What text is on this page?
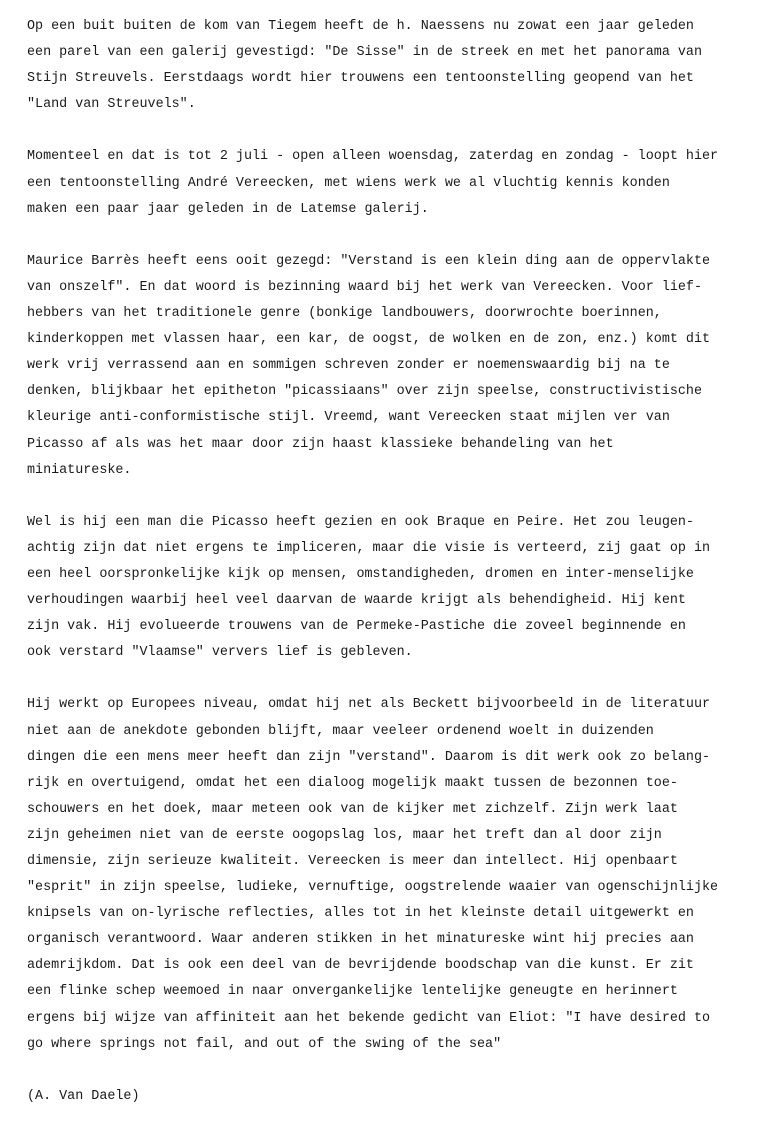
Op een buit buiten de kom van Tiegem heeft de h. Naessens nu zowat een jaar geleden
een parel van een galerij gevestigd: "De Sisse" in de streek en met het panorama van
Stijn Streuvels. Eerstdaags wordt hier trouwens een tentoonstelling geopend van het
"Land van Streuvels".
Momenteel en dat is tot 2 juli - open alleen woensdag, zaterdag en zondag - loopt hier
een tentoonstelling André Vereecken, met wiens werk we al vluchtig kennis konden
maken een paar jaar geleden in de Latemse galerij.
Maurice Barrès heeft eens ooit gezegd: "Verstand is een klein ding aan de oppervlakte
van onszelf". En dat woord is bezinning waard bij het werk van Vereecken. Voor lief-
hebbers van het traditionele genre (bonkige landbouwers, doorwrochte boerinnen,
kinderkoppen met vlassen haar, een kar, de oogst, de wolken en de zon, enz.) komt dit
werk vrij verrassend aan en sommigen schreven zonder er noemenswaardig bij na te
denken, blijkbaar het epitheton "picassiaans" over zijn speelse, constructivistische
kleurige anti-conformistische stijl. Vreemd, want Vereecken staat mijlen ver van
Picasso af als was het maar door zijn haast klassieke behandeling van het
miniatureske.
Wel is hij een man die Picasso heeft gezien en ook Braque en Peire. Het zou leugen-
achtig zijn dat niet ergens te impliceren, maar die visie is verteerd, zij gaat op in
een heel oorspronkelijke kijk op mensen, omstandigheden, dromen en inter-menselijke
verhoudingen waarbij heel veel daarvan de waarde krijgt als behendigheid. Hij kent
zijn vak. Hij evolueerde trouwens van de Permeke-Pastiche die zoveel beginnende en
ook verstard "Vlaamse" ververs lief is gebleven.
Hij werkt op Europees niveau, omdat hij net als Beckett bijvoorbeeld in de literatuur
niet aan de anekdote gebonden blijft, maar veeleer ordenend woelt in duizenden
dingen die een mens meer heeft dan zijn "verstand". Daarom is dit werk ook zo belang-
rijk en overtuigend, omdat het een dialoog mogelijk maakt tussen de bezonnen toe-
schouwers en het doek, maar meteen ook van de kijker met zichzelf. Zijn werk laat
zijn geheimen niet van de eerste oogopslag los, maar het treft dan al door zijn
dimensie, zijn serieuze kwaliteit. Vereecken is meer dan intellect. Hij openbaart
"esprit" in zijn speelse, ludieke, vernuftige, oogstrelende waaier van ogenschijnlijke
knipsels van on-lyrische reflecties, alles tot in het kleinste detail uitgewerkt en
organisch verantwoord. Waar anderen stikken in het minatureske wint hij precies aan
ademrijkdom. Dat is ook een deel van de bevrijdende boodschap van die kunst. Er zit
een flinke schep weemoed in naar onvergankelijke lentelijke geneugte en herinnert
ergens bij wijze van affiniteit aan het bekende gedicht van Eliot: "I have desired to
go where springs not fail, and out of the swing of the sea"
(A. Van Daele)
